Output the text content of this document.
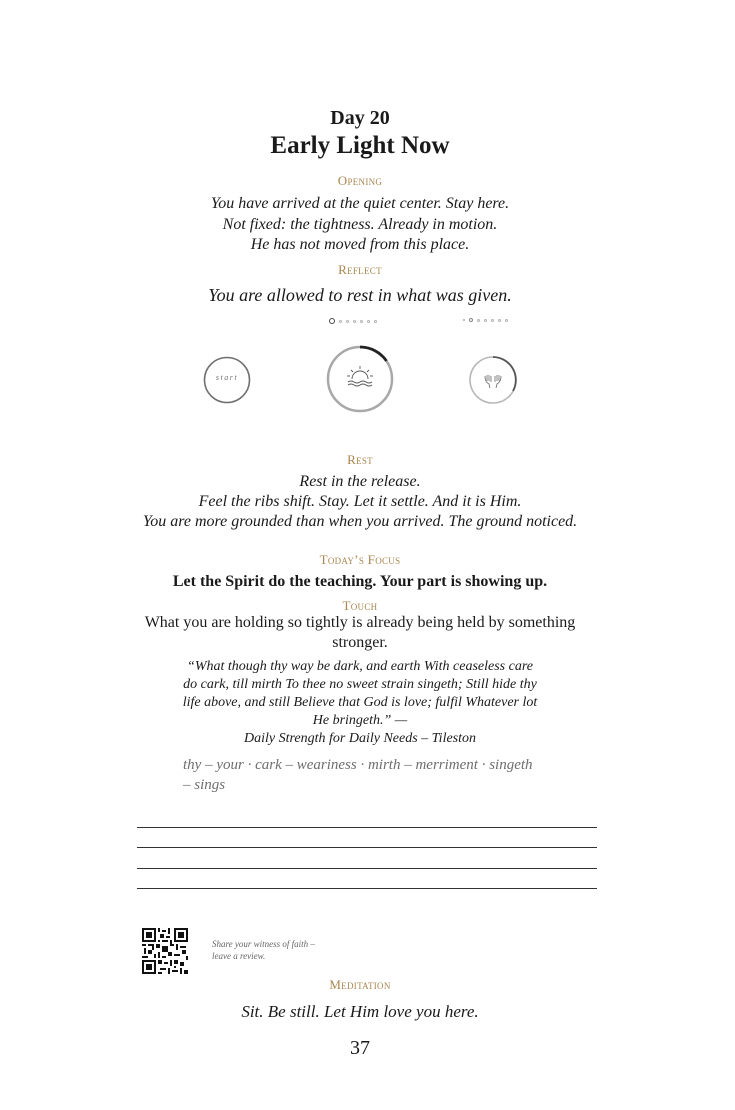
Day 20
Early Light Now
Opening
You have arrived at the quiet center. Stay here.
Not fixed: the tightness. Already in motion.
He has not moved from this place.
Reflect
You are allowed to rest in what was given.
start
Rest
Rest in the release.
Feel the ribs shift. Stay. Let it settle. And it is Him.
You are more grounded than when you arrived. The ground noticed.
Today’s Focus
Let the Spirit do the teaching. Your part is showing up.
Touch
What you are holding so tightly is already being held by something stronger.
“What though thy way be dark, and earth With ceaseless care do cark, till mirth To thee no sweet strain singeth; Still hide thy life above, and still Believe that God is love; fulfil Whatever lot He bringeth.” —
Daily Strength for Daily Needs – Tileston
thy – your · cark – weariness · mirth – merriment · singeth – sings
Share your witness of faith –
leave a review.
Meditation
Sit. Be still. Let Him love you here.
37
